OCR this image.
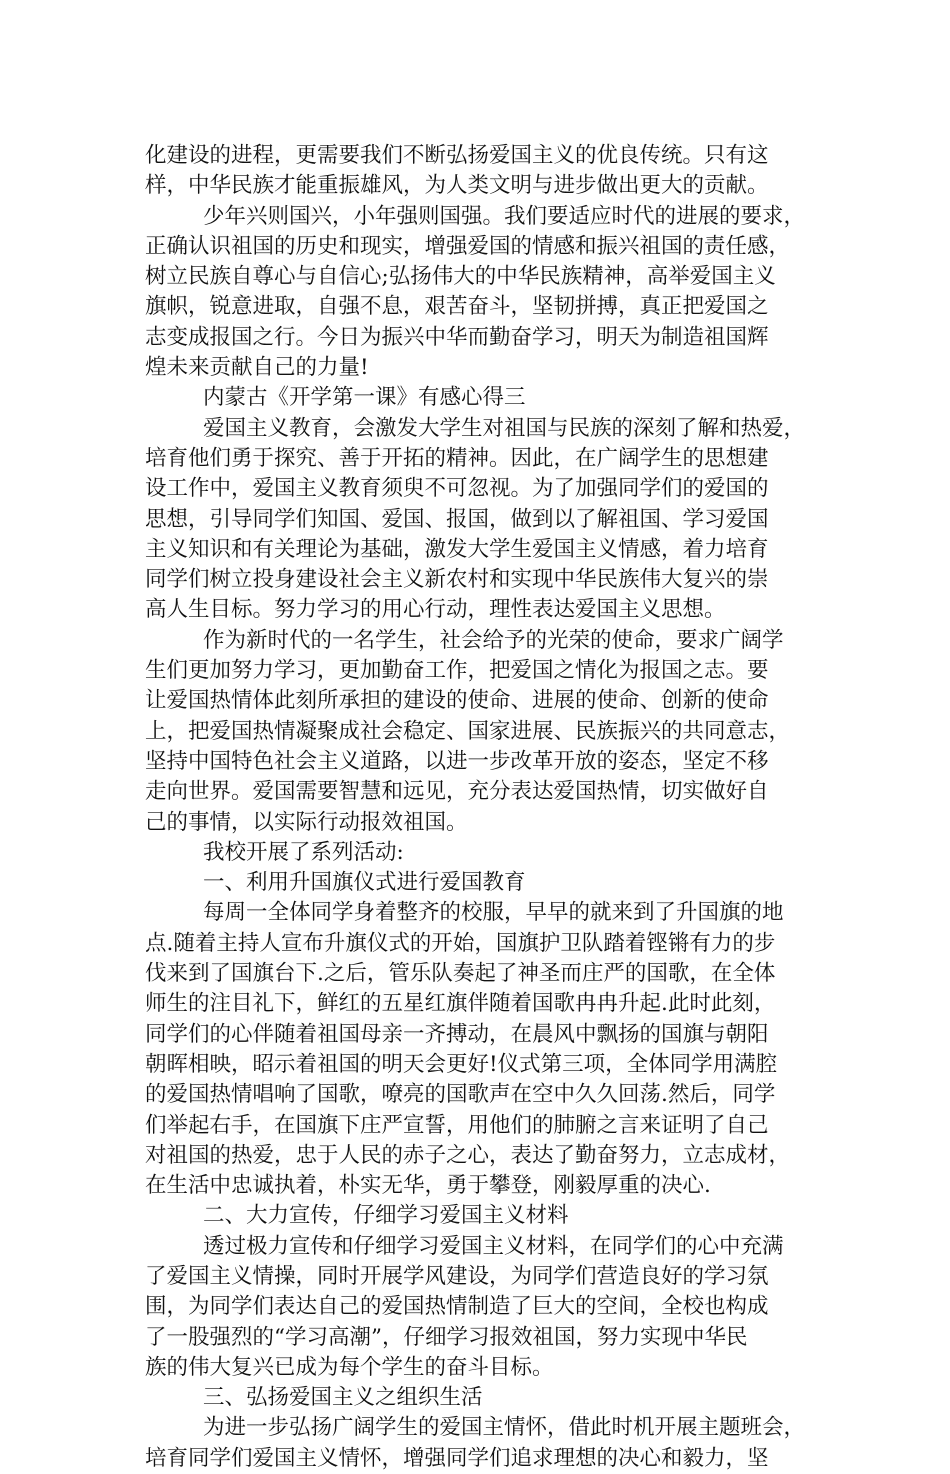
化建设的进程，更需要我们不断弘扬爱国主义的优良传统。只有这
样，中华民族才能重振雄风，为人类文明与进步做出更大的贡献。
少年兴则国兴，小年强则国强。我们要适应时代的进展的要求，
正确认识祖国的历史和现实，增强爱国的情感和振兴祖国的责任感，
树立民族自尊心与自信心;弘扬伟大的中华民族精神，高举爱国主义
旗帜，锐意进取，自强不息，艰苦奋斗，坚韧拼搏，真正把爱国之
志变成报国之行。今日为振兴中华而勤奋学习，明天为制造祖国辉
煌未来贡献自己的力量!
内蒙古《开学第一课》有感心得三
爱国主义教育，会激发大学生对祖国与民族的深刻了解和热爱，
培育他们勇于探究、善于开拓的精神。因此，在广阔学生的思想建
设工作中，爱国主义教育须臾不可忽视。为了加强同学们的爱国的
思想，引导同学们知国、爱国、报国，做到以了解祖国、学习爱国
主义知识和有关理论为基础，激发大学生爱国主义情感，着力培育
同学们树立投身建设社会主义新农村和实现中华民族伟大复兴的崇
高人生目标。努力学习的用心行动，理性表达爱国主义思想。
作为新时代的一名学生，社会给予的光荣的使命，要求广阔学
生们更加努力学习，更加勤奋工作，把爱国之情化为报国之志。要
让爱国热情体此刻所承担的建设的使命、进展的使命、创新的使命
上，把爱国热情凝聚成社会稳定、国家进展、民族振兴的共同意志，
坚持中国特色社会主义道路，以进一步改革开放的姿态，坚定不移
走向世界。爱国需要智慧和远见，充分表达爱国热情，切实做好自
己的事情，以实际行动报效祖国。
我校开展了系列活动:
一、利用升国旗仪式进行爱国教育
每周一全体同学身着整齐的校服，早早的就来到了升国旗的地
点.随着主持人宣布升旗仪式的开始，国旗护卫队踏着铿锵有力的步
伐来到了国旗台下.之后，管乐队奏起了神圣而庄严的国歌，在全体
师生的注目礼下，鲜红的五星红旗伴随着国歌冉冉升起.此时此刻，
同学们的心伴随着祖国母亲一齐搏动，在晨风中飘扬的国旗与朝阳
朝晖相映，昭示着祖国的明天会更好!仪式第三项，全体同学用满腔
的爱国热情唱响了国歌，嘹亮的国歌声在空中久久回荡.然后，同学
们举起右手，在国旗下庄严宣誓，用他们的肺腑之言来证明了自己
对祖国的热爱，忠于人民的赤子之心，表达了勤奋努力，立志成材，
在生活中忠诚执着，朴实无华，勇于攀登，刚毅厚重的决心.
二、大力宣传，仔细学习爱国主义材料
透过极力宣传和仔细学习爱国主义材料，在同学们的心中充满
了爱国主义情操，同时开展学风建设，为同学们营造良好的学习氛
围，为同学们表达自己的爱国热情制造了巨大的空间，全校也构成
了一股强烈的“学习高潮”，仔细学习报效祖国，努力实现中华民
族的伟大复兴已成为每个学生的奋斗目标。
三、弘扬爱国主义之组织生活
为进一步弘扬广阔学生的爱国主情怀，借此时机开展主题班会，
培育同学们爱国主义情怀，增强同学们追求理想的决心和毅力，坚
